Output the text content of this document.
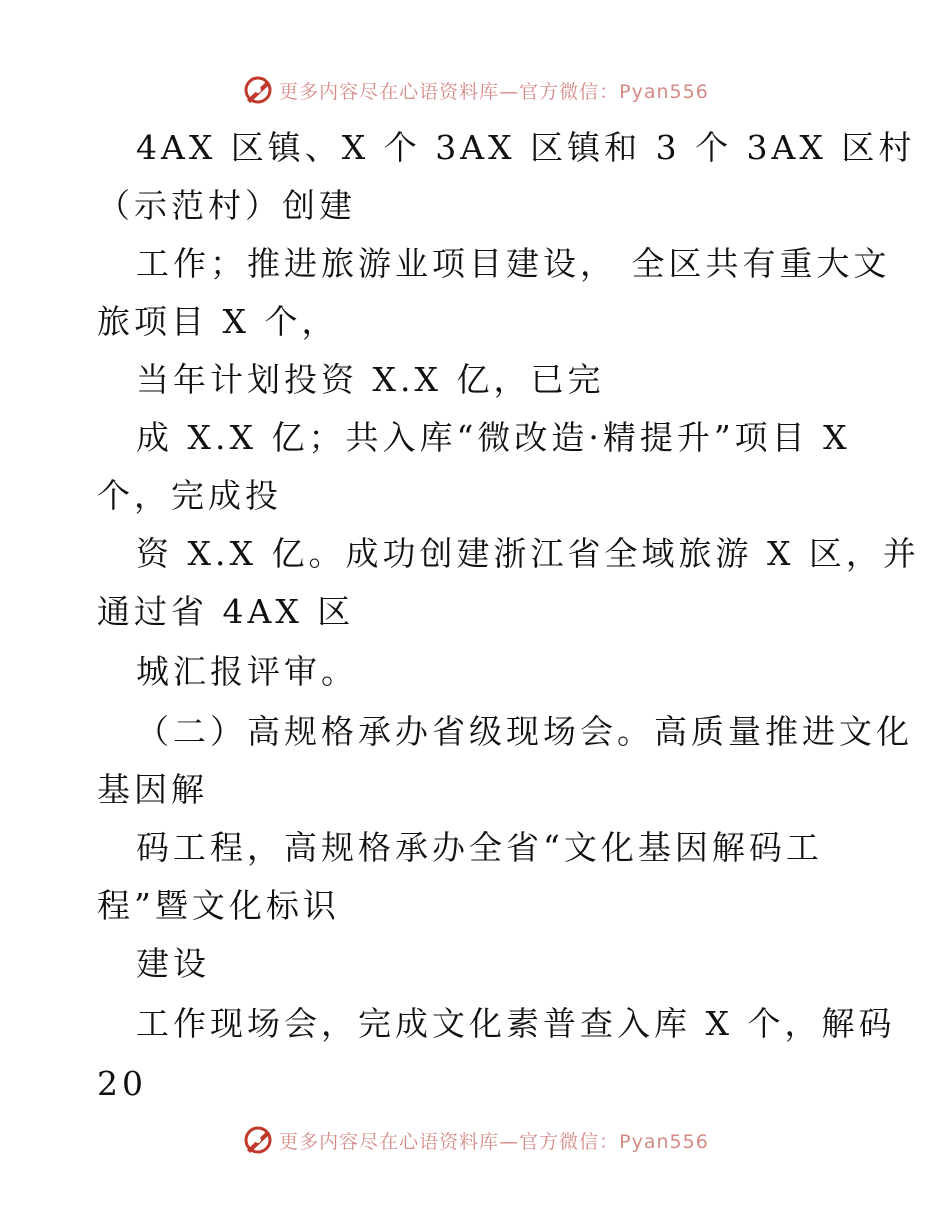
更多内容尽在心语资料库—官方微信：Pyan556
4AX 区镇、X 个 3AX 区镇和 3 个 3AX 区村
（示范村）创建
工作；推进旅游业项目建设， 全区共有重大文
旅项目 X 个，
当年计划投资 X.X 亿，已完
成 X.X 亿；共入库“微改造·精提升”项目 X
个，完成投
资 X.X 亿。成功创建浙江省全域旅游 X 区，并
通过省 4AX 区
城汇报评审。
（二）高规格承办省级现场会。高质量推进文化
基因解
码工程，高规格承办全省“文化基因解码工
程”暨文化标识
建设
工作现场会，完成文化素普查入库 X 个，解码
20
更多内容尽在心语资料库—官方微信：Pyan556
